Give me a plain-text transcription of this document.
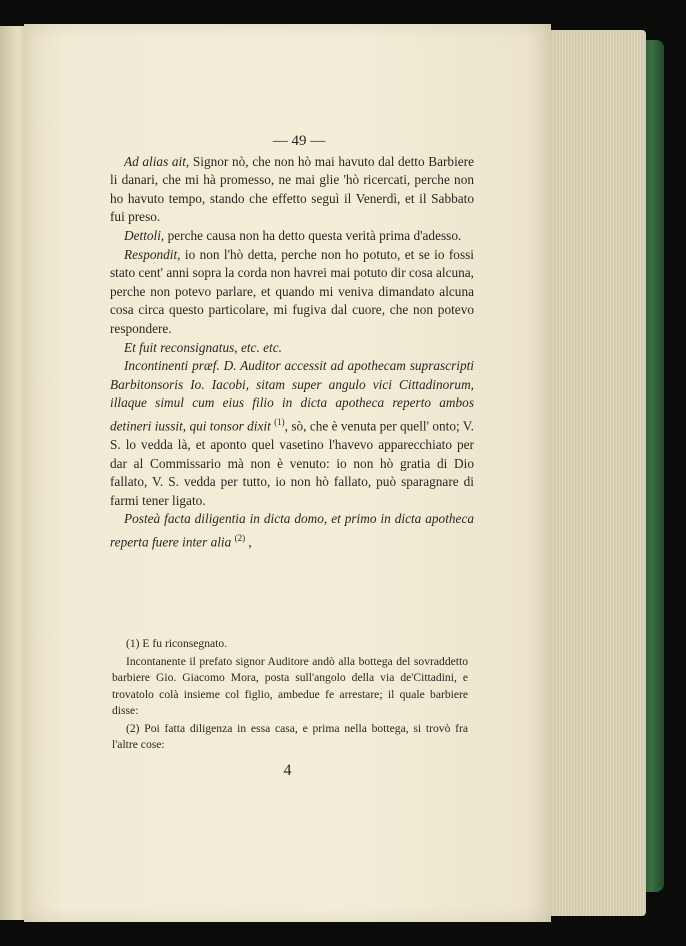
— 49 —

Ad alias ait, Signor nò, che non hò mai havuto dal detto Barbiere li danari, che mi hà promesso, ne mai glie 'hò ricercati, perche non ho havuto tempo, stando che effetto seguì il Venerdì, et il Sabbato fui preso.

Dettoli, perche causa non ha detto questa verità prima d'adesso.

Respondit, io non l'hò detta, perche non ho potuto, et se io fossi stato cent' anni sopra la corda non havrei mai potuto dir cosa alcuna, perche non potevo parlare, et quando mi veniva dimandato alcuna cosa circa questo particolare, mi fugiva dal cuore, che non potevo respondere.

Et fuit reconsignatus, etc. etc.

Incontinenti præf. D. Auditor accessit ad apothecam suprascripti Barbitonsoris Io. Iacobi, sitam super angulo vici Cittadinorum, illaque simul cum eius filio in dicta apotheca reperto ambos detineri iussit, qui tonsor dixit $^{(1)}$, sò, che è venuta per quell' onto; V. S. lo vedda là, et aponto quel vasetino l'havevo apparecchiato per dar al Commissario mà non è venuto: io non hò gratia di Dio fallato, V. S. vedda per tutto, io non hò fallato, può sparagnare di farmi tener ligato.

Posteà facta diligentia in dicta domo, et primo in dicta apotheca reperta fuere inter alia $^{(2)}$ ,

(1) E fu riconsegnato.

Incontanente il prefato signor Auditore andò alla bottega del sovraddetto barbiere Gio. Giacomo Mora, posta sull'angolo della via de'Cittadini, e trovatolo colà insieme col figlio, ambedue fe arrestare; il quale barbiere disse:

(2) Poi fatta diligenza in essa casa, e prima nella bottega, si trovò fra l'altre cose:

4
